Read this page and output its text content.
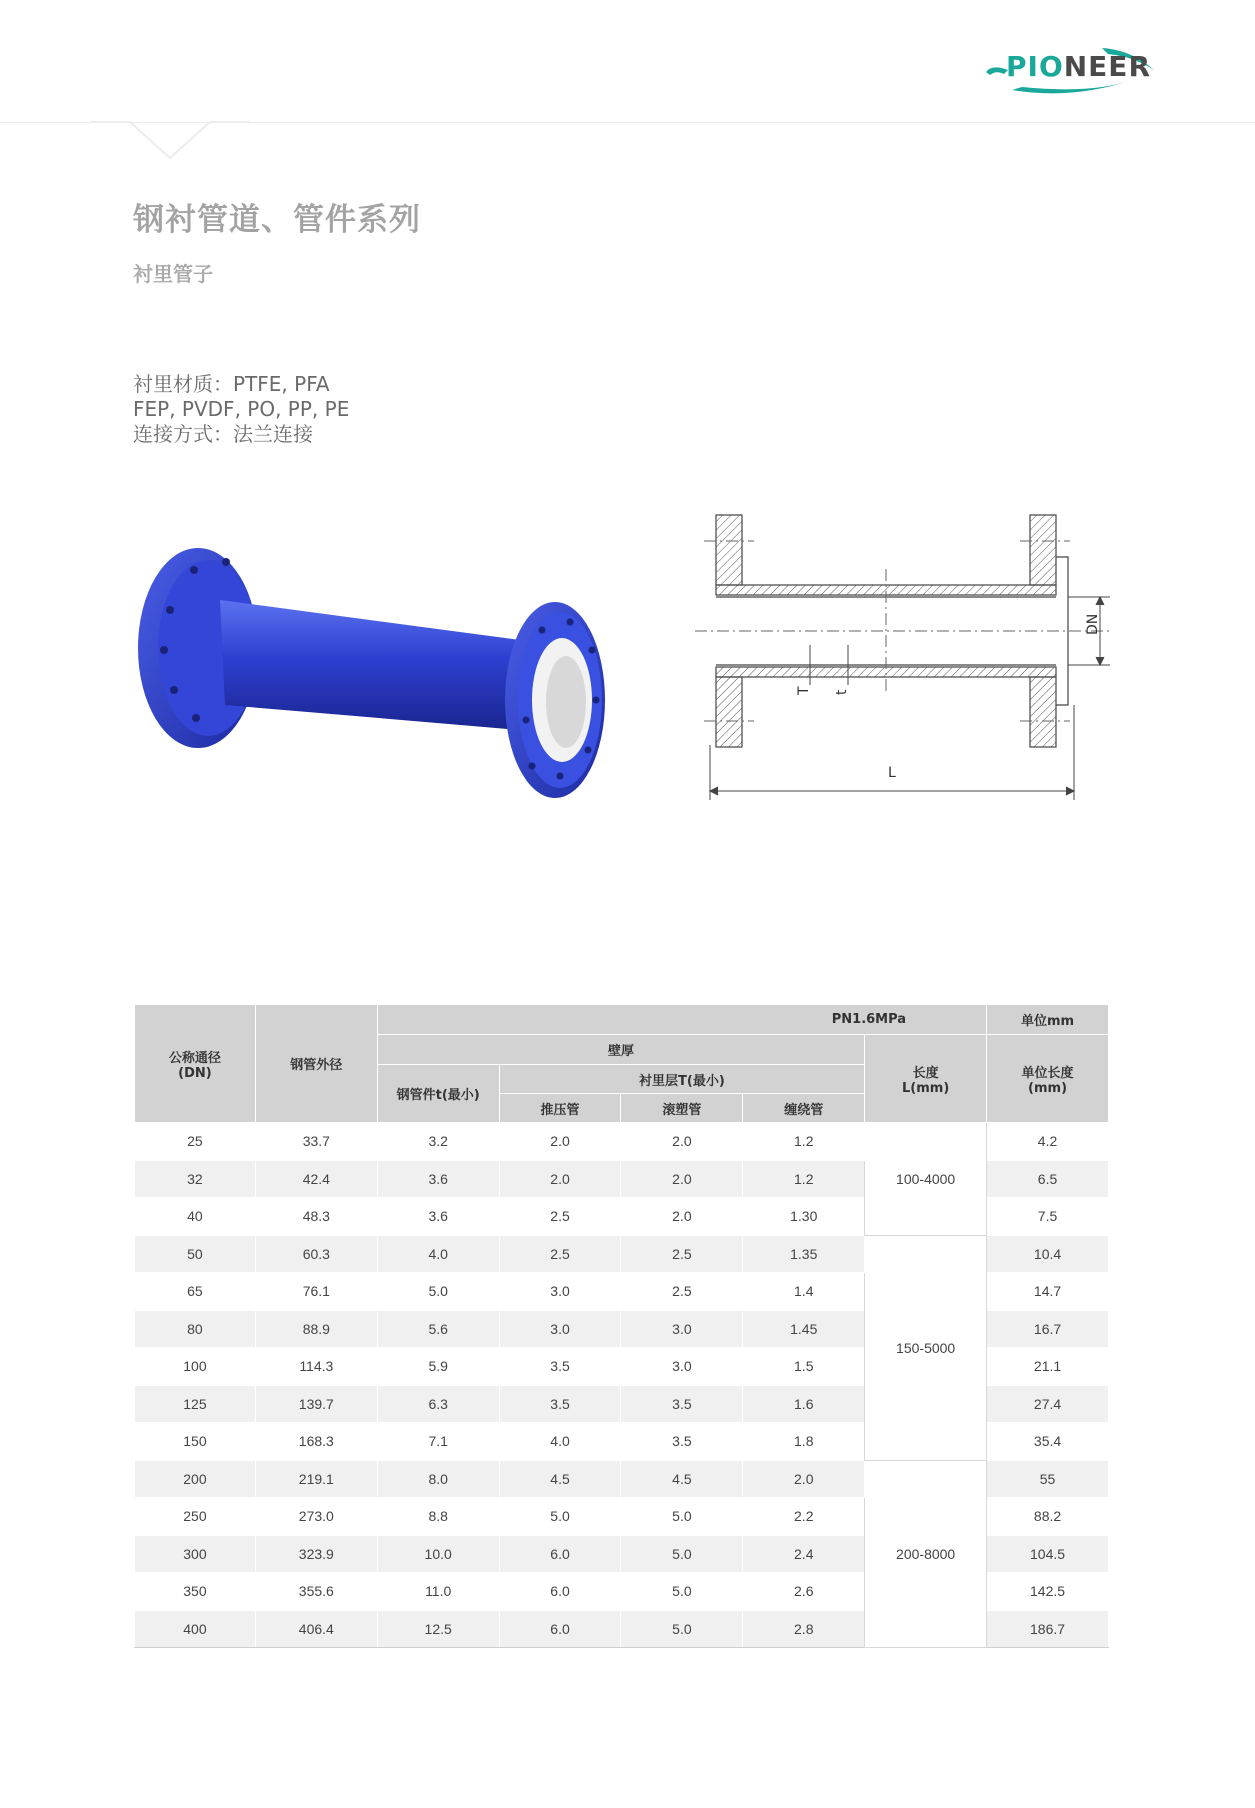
PIONEER
钢衬管道、管件系列
衬里管子
衬里材质：PTFE, PFA
FEP, PVDF, PO, PP, PE
连接方式：法兰连接
DN
T t
L
公称通径
(DN)	钢管外径	PN1.6MPa					单位mm
		壁厚				长度
L(mm)	单位长度
(mm)
		钢管件t(最小)	衬里层T(最小)				
			推压管	滚塑管	缠绕管		
25	33.7	3.2	2.0	2.0	1.2	100-4000	4.2
32	42.4	3.6	2.0	2.0	1.2		6.5
40	48.3	3.6	2.5	2.0	1.30		7.5
50	60.3	4.0	2.5	2.5	1.35	150-5000	10.4
65	76.1	5.0	3.0	2.5	1.4		14.7
80	88.9	5.6	3.0	3.0	1.45		16.7
100	114.3	5.9	3.5	3.0	1.5		21.1
125	139.7	6.3	3.5	3.5	1.6		27.4
150	168.3	7.1	4.0	3.5	1.8		35.4
200	219.1	8.0	4.5	4.5	2.0	200-8000	55
250	273.0	8.8	5.0	5.0	2.2		88.2
300	323.9	10.0	6.0	5.0	2.4		104.5
350	355.6	11.0	6.0	5.0	2.6		142.5
400	406.4	12.5	6.0	5.0	2.8		186.7
